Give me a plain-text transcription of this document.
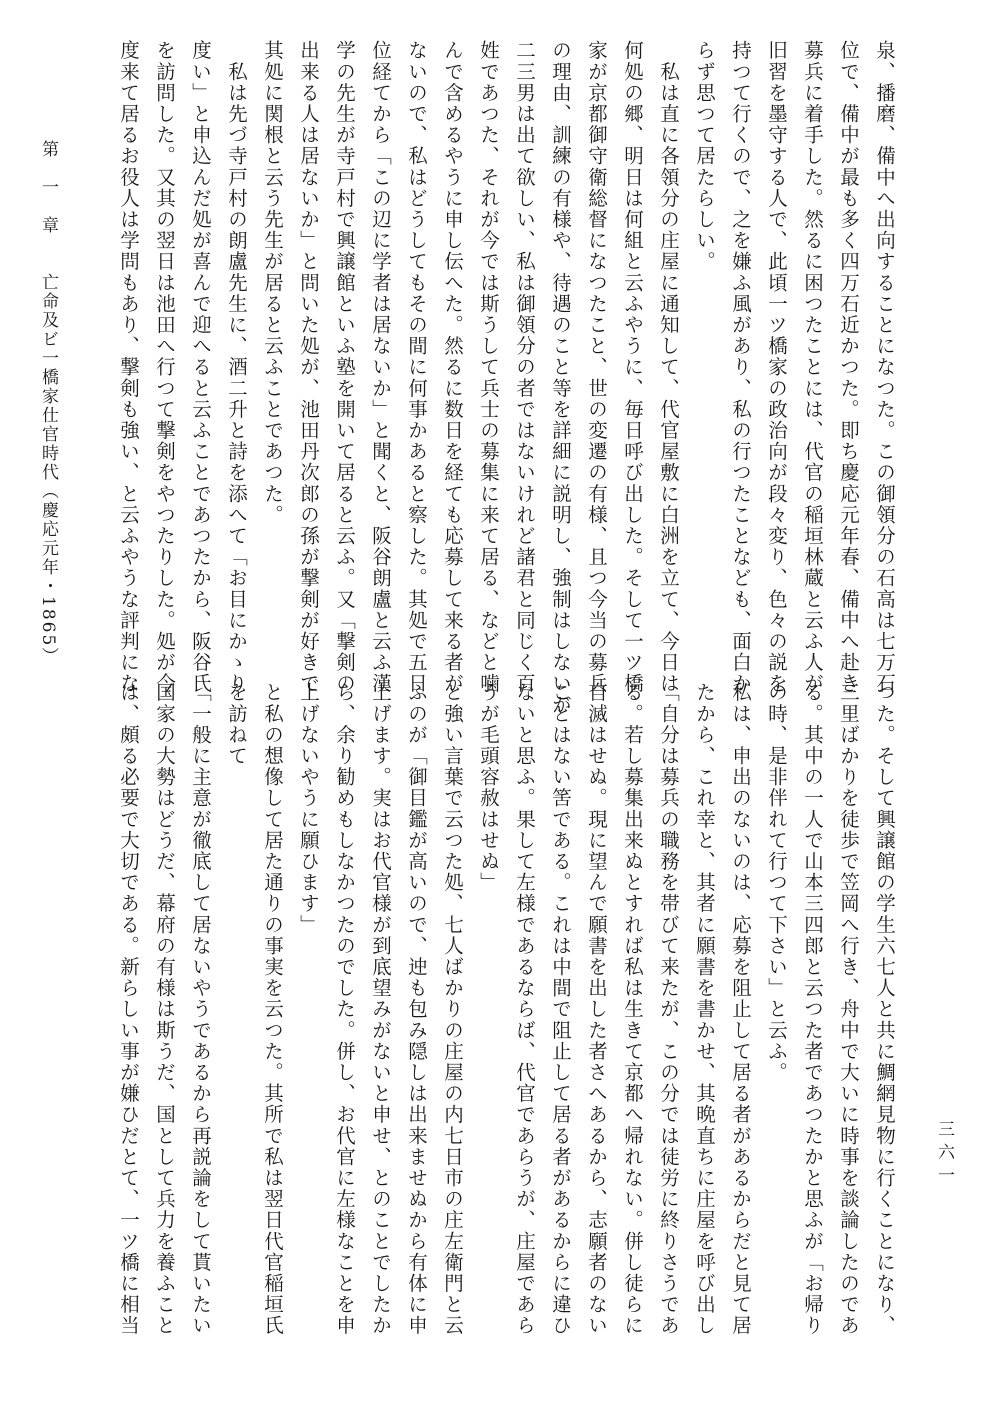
第　一　章　　亡命及ビ一橋家仕官時代（慶応元年・1865）	泉、播磨、備中へ出向することになつた。この御領分の石高は七万石

位で、備中が最も多く四万石近かつた。即ち慶応元年春、備中へ赴き

募兵に着手した。然るに困つたことには、代官の稲垣林蔵と云ふ人が

旧習を墨守する人で、此頃一ツ橋家の政治向が段々変り、色々の説を

持つて行くので、之を嫌ふ風があり、私の行つたことなども、面白か

らず思つて居たらしい。

　私は直に各領分の庄屋に通知して、代官屋敷に白洲を立て、今日は

何処の郷、明日は何組と云ふやうに、毎日呼び出した。そして一ツ橋

家が京都御守衛総督になつたこと、世の変遷の有様、且つ今当の募兵

の理由、訓練の有様や、待遇のこと等を詳細に説明し、強制はしないが

二三男は出て欲しい、私は御領分の者ではないけれど諸君と同じく百

姓であつた、それが今では斯うして兵士の募集に来て居る、などと噛

んで含めるやうに申し伝へた。然るに数日を経ても応募して来る者が

ないので、私はどうしてもその間に何事かあると察した。其処で五日

位経てから「この辺に学者は居ないか」と聞くと、阪谷朗盧と云ふ漢

学の先生が寺戸村で興譲館といふ塾を開いて居ると云ふ。又「撃剣の

出来る人は居ないか」と問いた処が、池田丹次郎の孫が撃剣が好きで

其処に関根と云う先生が居ると云ふことであつた。

　私は先づ寺戸村の朗盧先生に、酒二升と詩を添へて「お目にかゝり

度い」と申込んだ処が喜んで迎へると云ふことであつたから、阪谷氏

を訪問した。又其の翌日は池田へ行つて撃剣をやつたりした。処が今

度来て居るお役人は学問もあり、撃剣も強い、と云ふやうな評判にな

つた。そして興譲館の学生六七人と共に鯛網見物に行くことになり、

三里ばかりを徒歩で笠岡へ行き、舟中で大いに時事を談論したのであ

る。其中の一人で山本三四郎と云つた者であつたかと思ふが「お帰り

の時、是非伴れて行つて下さい」と云ふ。

私は、申出のないのは、応募を阻止して居る者があるからだと見て居

たから、これ幸と、其者に願書を書かせ、其晩直ちに庄屋を呼び出し

「自分は募兵の職務を帯びて来たが、この分では徒労に終りさうであ

る。若し募集出来ぬとすれば私は生きて京都へ帰れない。併し徒らに

自滅はせぬ。現に望んで願書を出した者さへあるから、志願者のない

ことはない筈である。これは中間で阻止して居る者があるからに違ひ

ないと思ふ。果して左様であるならば、代官であらうが、庄屋であら

うが毛頭容赦はせぬ」

と強い言葉で云つた処、七人ばかりの庄屋の内七日市の庄左衛門と云

ふのが「御目鑑が高いので、迚も包み隠しは出来ませぬから有体に申

上げます。実はお代官様が到底望みがないと申せ、とのことでしたか

ら、余り勧めもしなかつたのでした。併し、お代官に左様なことを申

上げないやうに願ひます」

と私の想像して居た通りの事実を云つた。其所で私は翌日代官稲垣氏

を訪ねて

「一般に主意が徹底して居ないやうであるから再説論をして貰いたい

国家の大勢はどうだ、幕府の有様は斯うだ、国として兵力を養ふこと

は、頗る必要で大切である。新らしい事が嫌ひだとて、一ツ橋に相当	三六一
